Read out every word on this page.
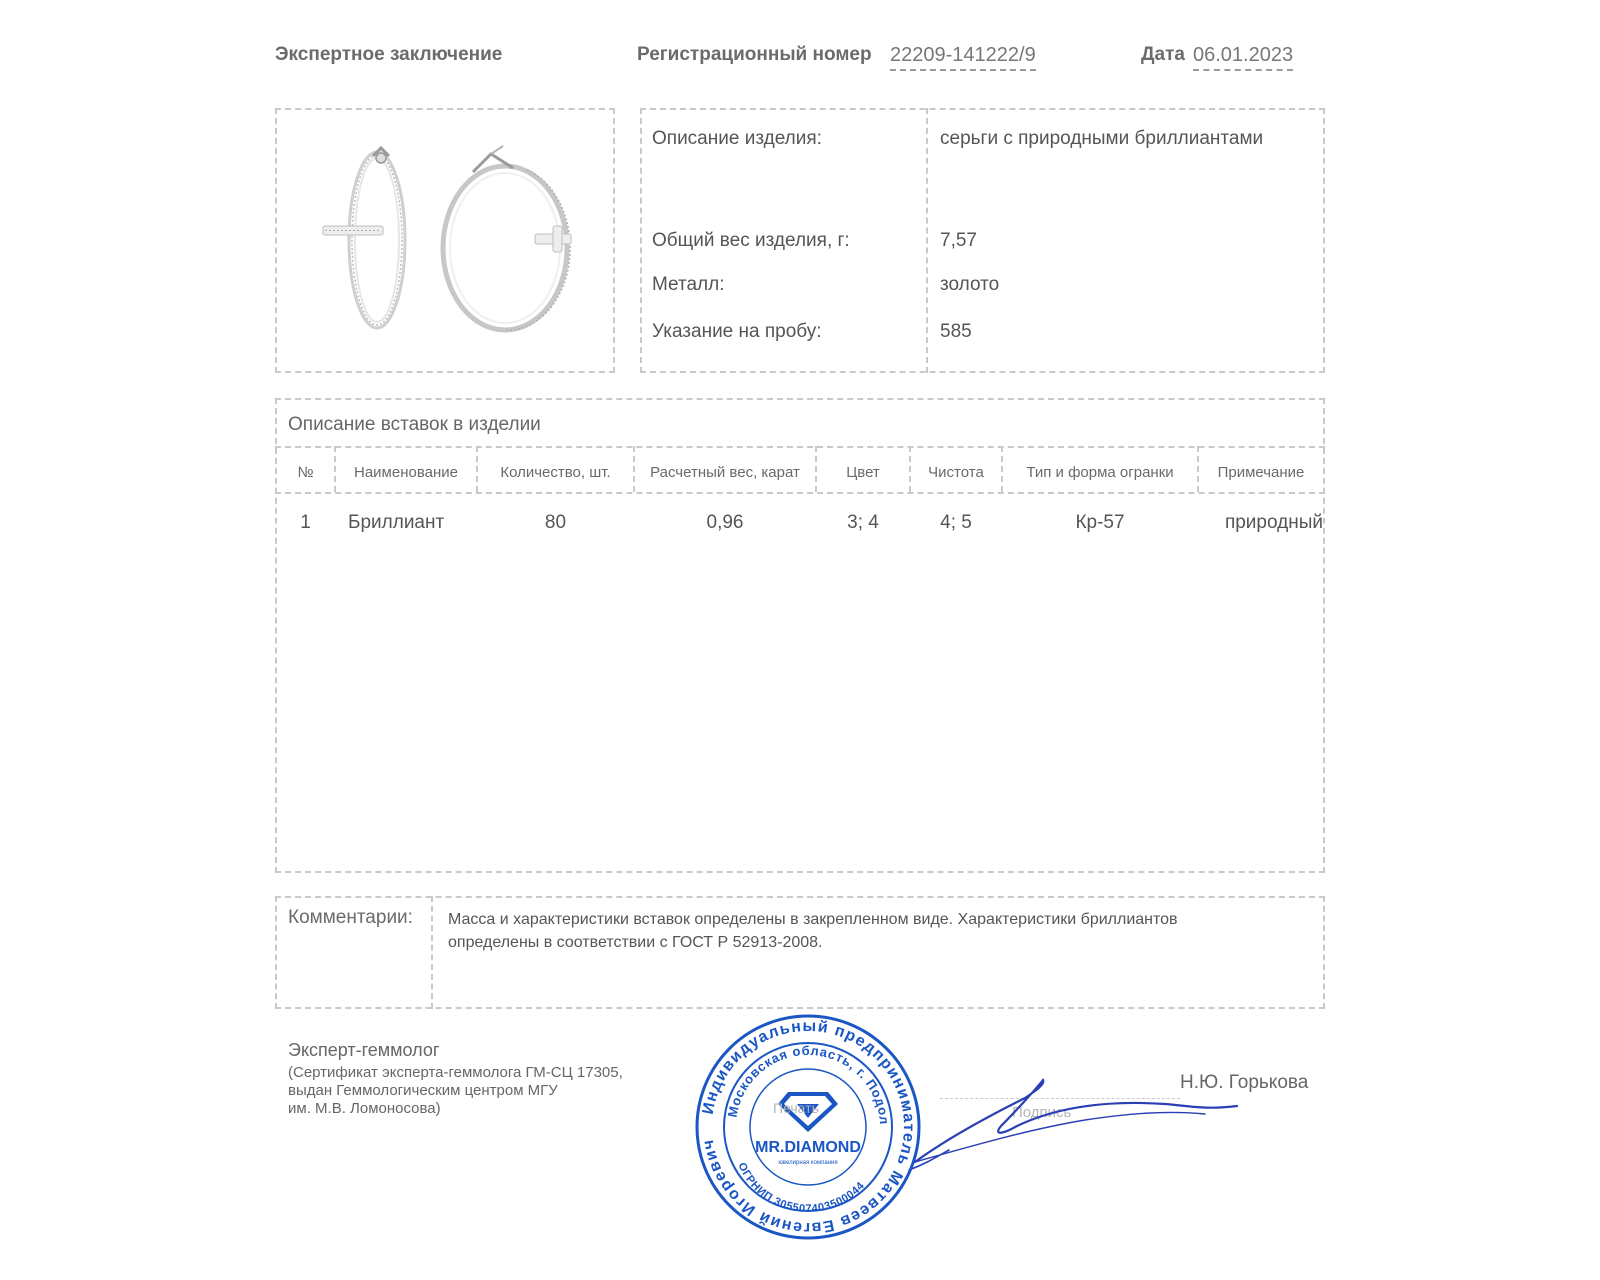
Экспертное заключение	Регистрационный номер 22209-141222/9	Дата 06.01.2023
Описание изделия:	серьги с природными бриллиантами
Общий вес изделия, г:	7,57
Металл:	золото
Указание на пробу:	585
Описание вставок в изделии
№	Наименование	Количество, шт.	Расчетный вес, карат	Цвет	Чистота	Тип и форма огранки	Примечание
1	Бриллиант	80	0,96	3; 4	4; 5	Кр-57	природный
Комментарии: Масса и характеристики вставок определены в закрепленном виде. Характеристики бриллиантов
определены в соответствии с ГОСТ Р 52913-2008.
Эксперт-геммолог
(Сертификат эксперта-геммолога ГМ-СЦ 17305,
выдан Геммологическим центром МГУ
им. М.В. Ломоносова)	Подпись
Н.Ю. Горькова
Индивидуальный предприниматель Матвеев Евгений Игоревич
Московская область, г. Подол
ОГРНИП 305507403500044
MR.DIAMOND
ювелирная компания
Печать
